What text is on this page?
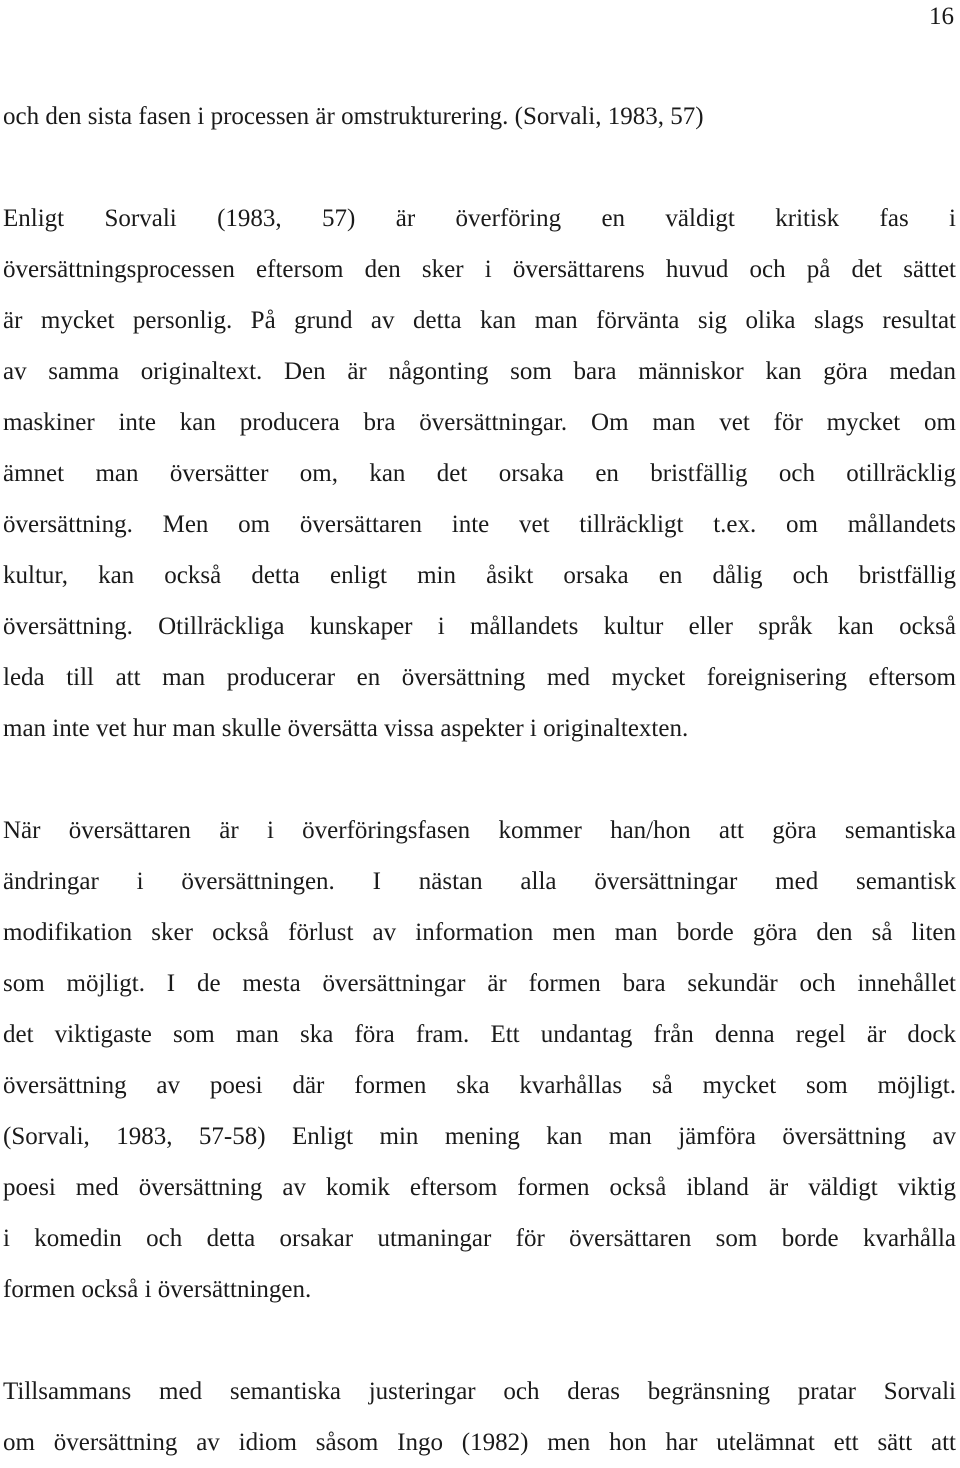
16
och den sista fasen i processen är omstrukturering. (Sorvali, 1983, 57)
Enligt Sorvali (1983, 57) är överföring en väldigt kritisk fas i
översättningsprocessen eftersom den sker i översättarens huvud och på det sättet
är mycket personlig. På grund av detta kan man förvänta sig olika slags resultat
av samma originaltext. Den är någonting som bara människor kan göra medan
maskiner inte kan producera bra översättningar. Om man vet för mycket om
ämnet man översätter om, kan det orsaka en bristfällig och otillräcklig
översättning. Men om översättaren inte vet tillräckligt t.ex. om mållandets
kultur, kan också detta enligt min åsikt orsaka en dålig och bristfällig
översättning. Otillräckliga kunskaper i mållandets kultur eller språk kan också
leda till att man producerar en översättning med mycket foreignisering eftersom
man inte vet hur man skulle översätta vissa aspekter i originaltexten.
När översättaren är i överföringsfasen kommer han/hon att göra semantiska
ändringar i översättningen. I nästan alla översättningar med semantisk
modifikation sker också förlust av information men man borde göra den så liten
som möjligt. I de mesta översättningar är formen bara sekundär och innehållet
det viktigaste som man ska föra fram. Ett undantag från denna regel är dock
översättning av poesi där formen ska kvarhållas så mycket som möjligt.
(Sorvali, 1983, 57-58) Enligt min mening kan man jämföra översättning av
poesi med översättning av komik eftersom formen också ibland är väldigt viktig
i komedin och detta orsakar utmaningar för översättaren som borde kvarhålla
formen också i översättningen.
Tillsammans med semantiska justeringar och deras begränsning pratar Sorvali
om översättning av idiom såsom Ingo (1982) men hon har utelämnat ett sätt att
